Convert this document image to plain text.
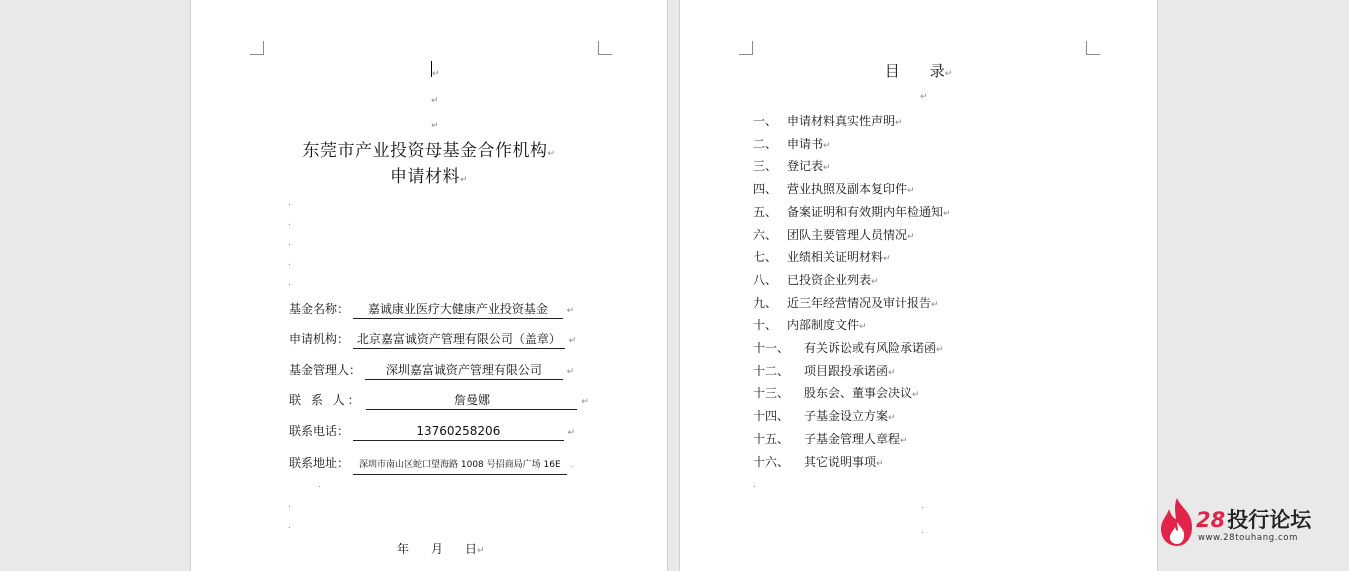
↵
↵
↵
东莞市产业投资母基金合作机构↵
申请材料↵
.
.
.
.
.
基金名称： 嘉诚康业医疗大健康产业投资基金 ↵
申请机构： 北京嘉富诚资产管理有限公司（盖章） ↵
基金管理人： 深圳嘉富诚资产管理有限公司	↵
联 系 人：	詹曼娜	↵
联系电话：	13760258206	↵
联系地址： 深圳市南山区蛇口望海路 1008 号招商局广场 16E .
.
.
.
年 月 日↵
目　　录↵
↵
一、 申请材料真实性声明↵
二、 申请书↵
三、 登记表↵
四、 营业执照及副本复印件↵
五、 备案证明和有效期内年检通知↵
六、 团队主要管理人员情况↵
七、 业绩相关证明材料↵
八、 已投资企业列表↵
九、 近三年经营情况及审计报告↵
十、 内部制度文件↵
十一、 有关诉讼或有风险承诺函↵
十二、 项目跟投承诺函↵
十三、 股东会、董事会决议↵
十四、 子基金设立方案↵
十五、 子基金管理人章程↵
十六、 其它说明事项↵
.
.
.	28投行论坛
www.28touhang.com
